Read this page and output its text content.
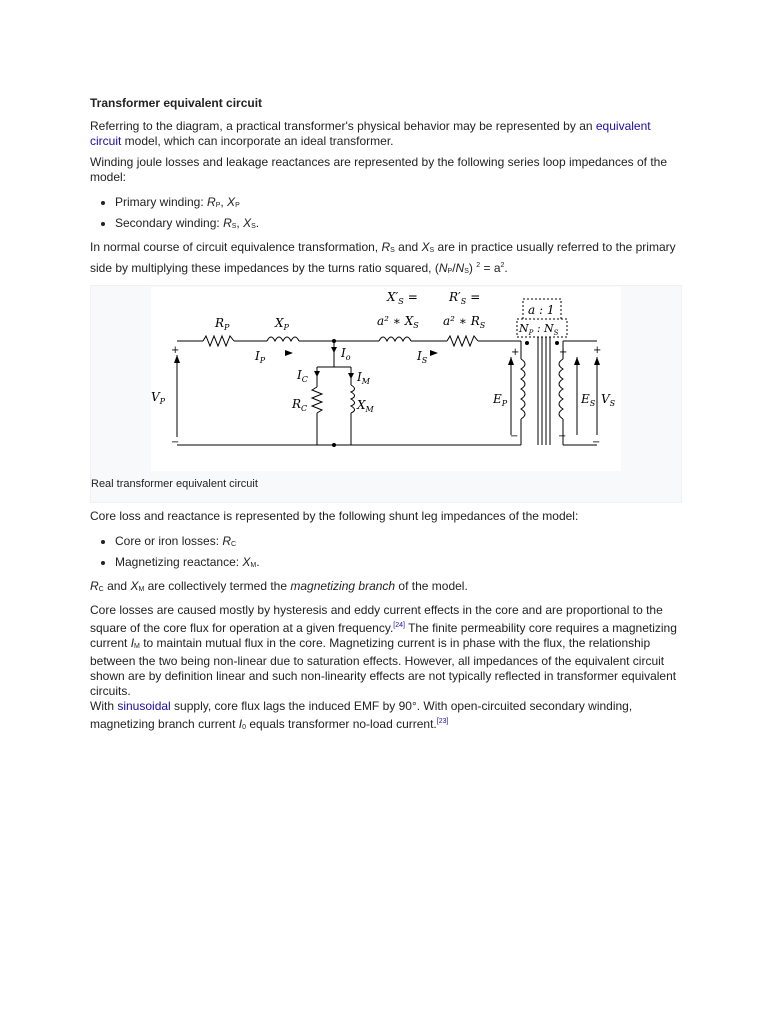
Transformer equivalent circuit

Referring to the diagram, a practical transformer's physical behavior may be represented by an equivalent circuit model, which can incorporate an ideal transformer.

Winding joule losses and leakage reactances are represented by the following series loop impedances of the model:

• Primary winding: $R_P$, $X_P$
• Secondary winding: $R_S$, $X_S$.

In normal course of circuit equivalence transformation, $R_S$ and $X_S$ are in practice usually referred to the primary side by multiplying these impedances by the turns ratio squared, $(N_P/N_S) ^2 = a^2$.

$R_P$	$X_P$
$X'_S$ =	$R'_S$ =
a² ∗ $X_S$ a² ∗ $R_S$
a : 1
$N_P$ : $N_S$
$I_P$
$I_o$	$I_S$
$I_C$	$I_M$
$R_C$	$X_M$
$V_P$	$V_S$
$E_P$	$E_S$
+
−
+
−
+
−
+
−
Real transformer equivalent circuit

Core loss and reactance is represented by the following shunt leg impedances of the model:

• Core or iron losses: $R_C$
• Magnetizing reactance: $X_M$.

$R_C$ and $X_M$ are collectively termed the magnetizing branch of the model.

Core losses are caused mostly by hysteresis and eddy current effects in the core and are proportional to the square of the core flux for operation at a given frequency.[24] The finite permeability core requires a magnetizing current $I_M$ to maintain mutual flux in the core. Magnetizing current is in phase with the flux, the relationship between the two being non-linear due to saturation effects. However, all impedances of the equivalent circuit shown are by definition linear and such non-linearity effects are not typically reflected in transformer equivalent circuits.
With sinusoidal supply, core flux lags the induced EMF by 90°. With open-circuited secondary winding, magnetizing branch current $I_0$ equals transformer no-load current.[23]
